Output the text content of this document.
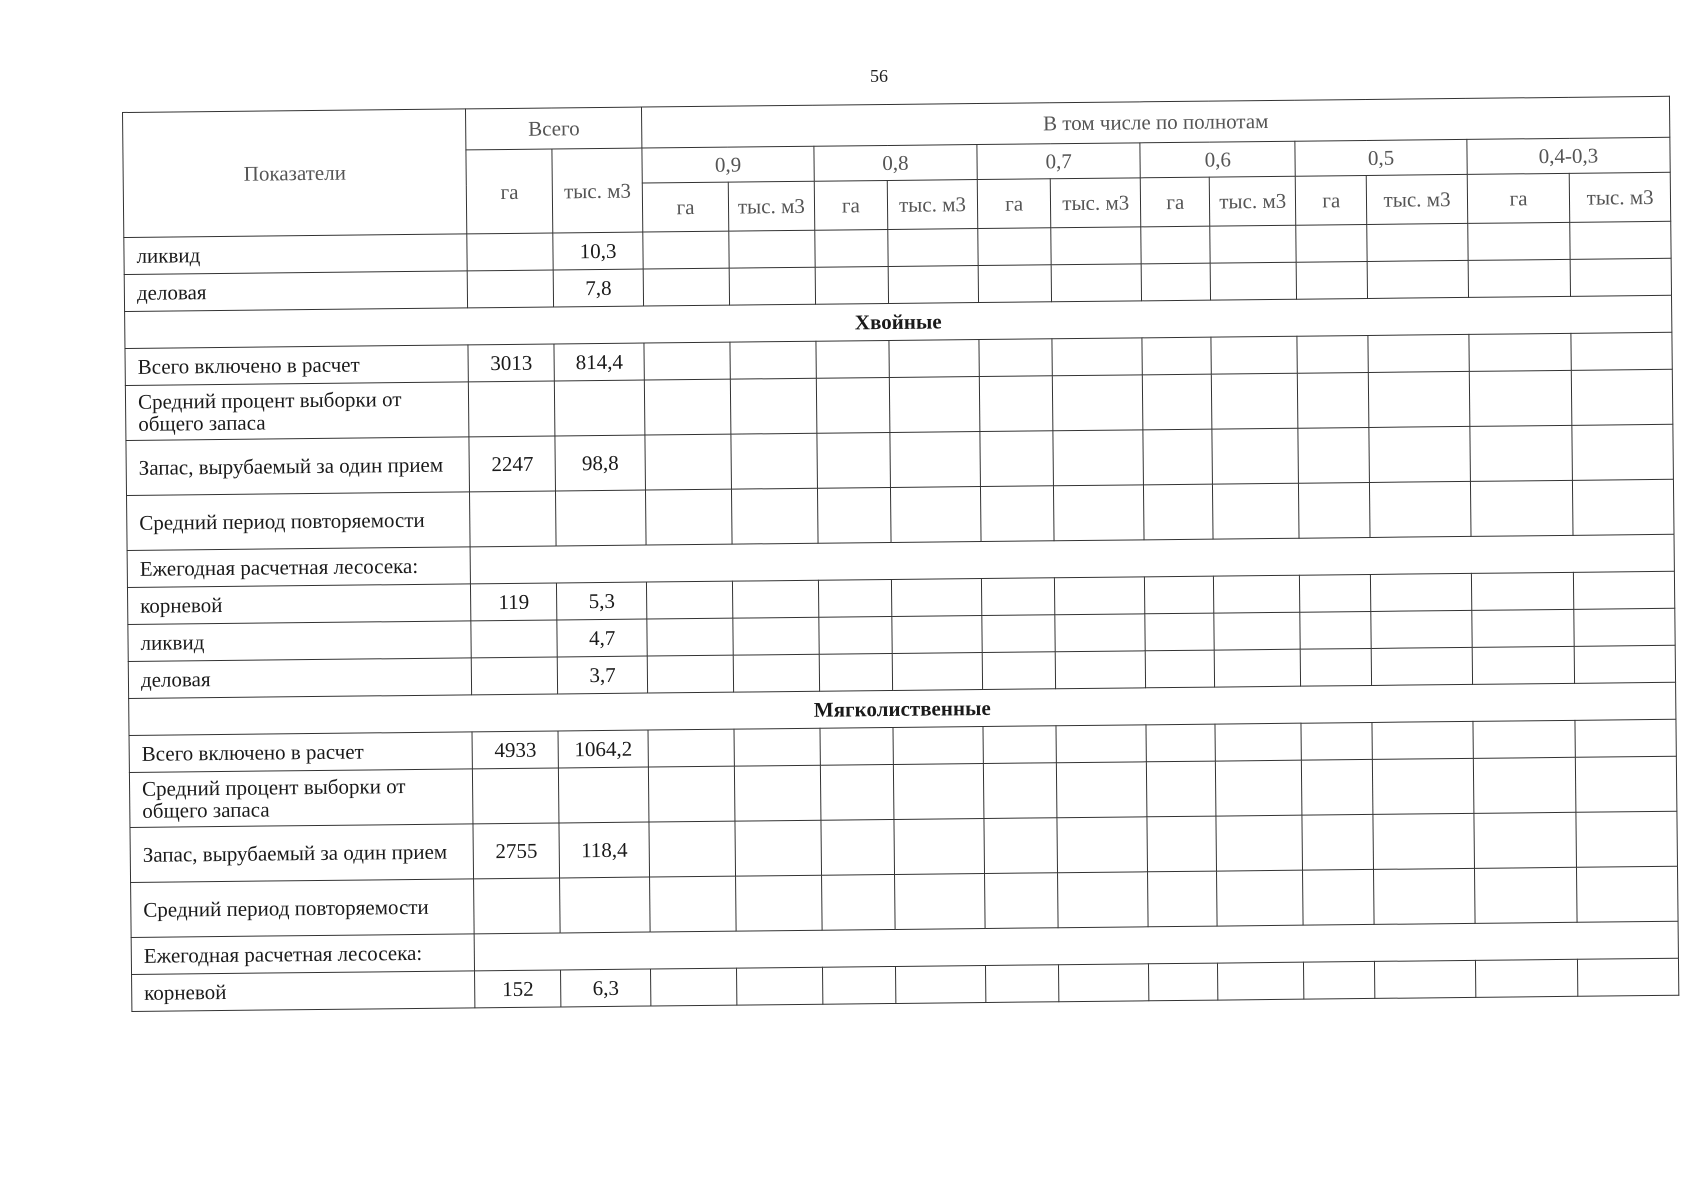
56
Показатели	Всего		В том числе по полнотам											
	га	тыс. м3	0,9		0,8		0,7		0,6		0,5		0,4-0,3	
			га	тыс. м3	га	тыс. м3	га	тыс. м3	га	тыс. м3	га	тыс. м3	га	тыс. м3
ликвид		10,3												
деловая		7,8												
Хвойные														
Всего включено в расчет	3013	814,4												
Средний процент выборки от общего запаса														
Запас, вырубаемый за один прием	2247	98,8												
Средний период повторяемости														
Ежегодная расчетная лесосека:														
корневой	119	5,3												
ликвид		4,7												
деловая		3,7												
Мягколиственные														
Всего включено в расчет	4933	1064,2												
Средний процент выборки от общего запаса														
Запас, вырубаемый за один прием	2755	118,4												
Средний период повторяемости														
Ежегодная расчетная лесосека:														
корневой	152	6,3												
